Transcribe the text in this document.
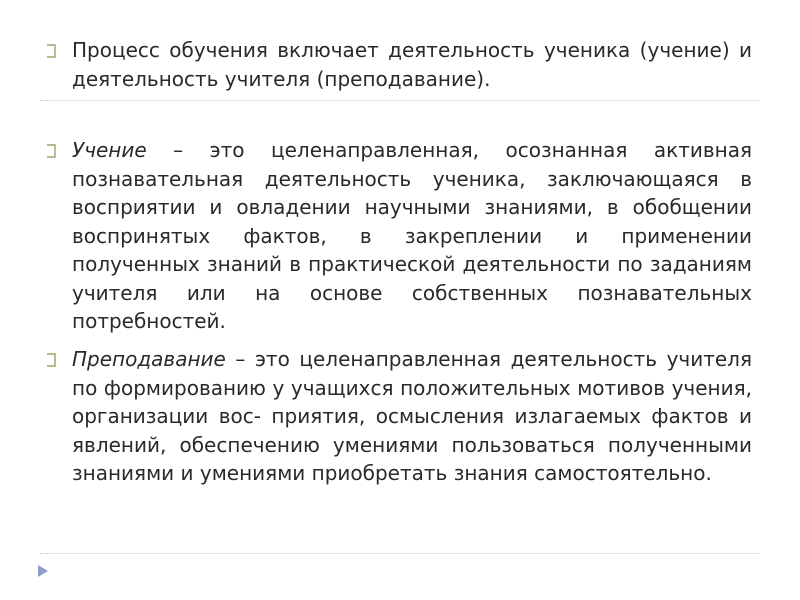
Процесс обучения включает деятельность ученика (учение) и деятельность учителя (преподавание).

Учение – это целенаправленная, осознанная активная познавательная деятельность ученика, заключающаяся в восприятии и овладении научными знаниями, в обобщении воспринятых фактов, в закреплении и применении полученных знаний в практической деятельности по заданиям учителя или на основе собственных познавательных потребностей.

Преподавание – это целенаправленная деятельность учителя по формированию у учащихся положительных мотивов учения, организации вос- приятия, осмысления излагаемых фактов и явлений, обеспечению умениями пользоваться полученными знаниями и умениями приобретать знания самостоятельно.
